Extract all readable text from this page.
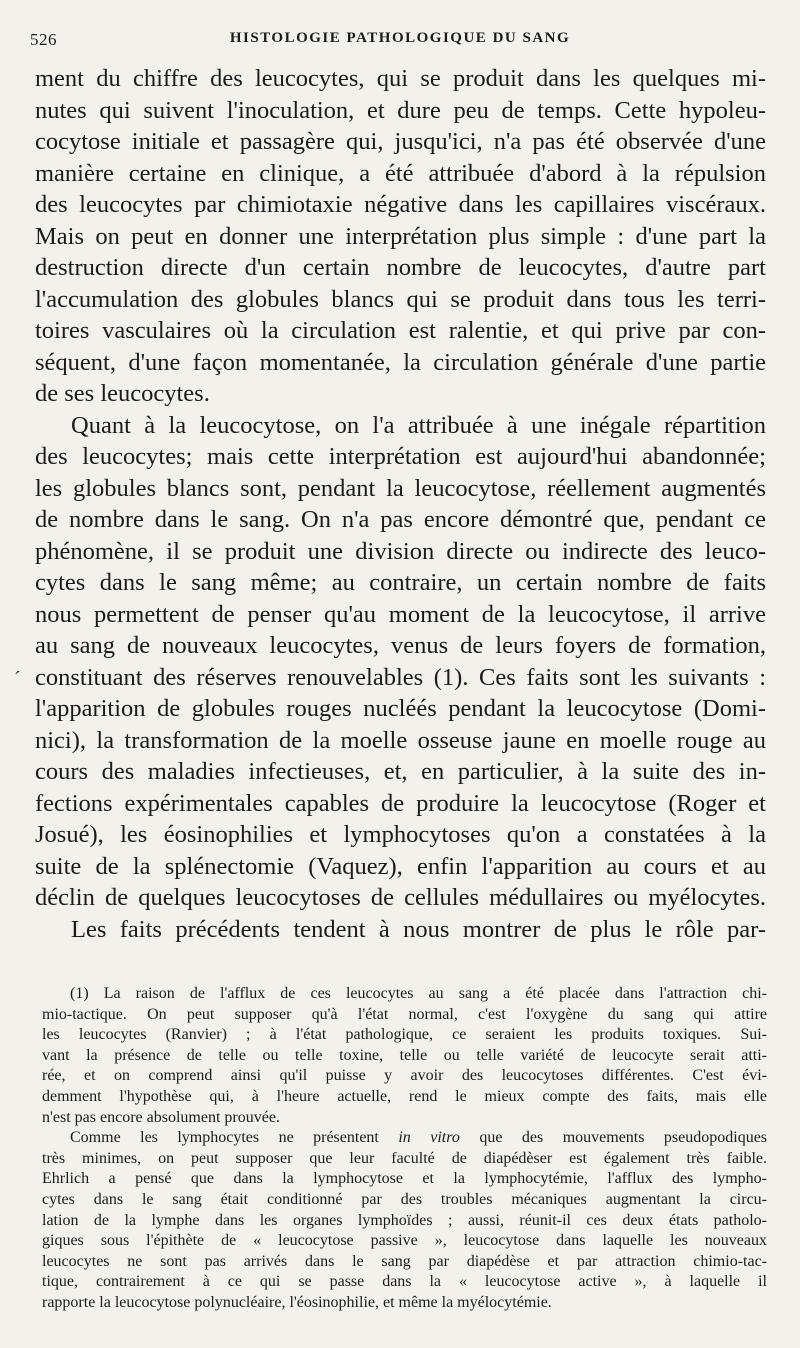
526	HISTOLOGIE PATHOLOGIQUE DU SANG
´
ment du chiffre des leucocytes, qui se produit dans les quelques mi-
nutes qui suivent l'inoculation, et dure peu de temps. Cette hypoleu-
cocytose initiale et passagère qui, jusqu'ici, n'a pas été observée d'une
manière certaine en clinique, a été attribuée d'abord à la répulsion
des leucocytes par chimiotaxie négative dans les capillaires viscéraux.
Mais on peut en donner une interprétation plus simple : d'une part la
destruction directe d'un certain nombre de leucocytes, d'autre part
l'accumulation des globules blancs qui se produit dans tous les terri-
toires vasculaires où la circulation est ralentie, et qui prive par con-
séquent, d'une façon momentanée, la circulation générale d'une partie
de ses leucocytes.
Quant à la leucocytose, on l'a attribuée à une inégale répartition
des leucocytes; mais cette interprétation est aujourd'hui abandonnée;
les globules blancs sont, pendant la leucocytose, réellement augmentés
de nombre dans le sang. On n'a pas encore démontré que, pendant ce
phénomène, il se produit une division directe ou indirecte des leuco-
cytes dans le sang même; au contraire, un certain nombre de faits
nous permettent de penser qu'au moment de la leucocytose, il arrive
au sang de nouveaux leucocytes, venus de leurs foyers de formation,
constituant des réserves renouvelables (1). Ces faits sont les suivants :
l'apparition de globules rouges nucléés pendant la leucocytose (Domi-
nici), la transformation de la moelle osseuse jaune en moelle rouge au
cours des maladies infectieuses, et, en particulier, à la suite des in-
fections expérimentales capables de produire la leucocytose (Roger et
Josué), les éosinophilies et lymphocytoses qu'on a constatées à la
suite de la splénectomie (Vaquez), enfin l'apparition au cours et au
déclin de quelques leucocytoses de cellules médullaires ou myélocytes.
Les faits précédents tendent à nous montrer de plus le rôle par-
(1) La raison de l'afflux de ces leucocytes au sang a été placée dans l'attraction chi-
mio-tactique. On peut supposer qu'à l'état normal, c'est l'oxygène du sang qui attire
les leucocytes (Ranvier) ; à l'état pathologique, ce seraient les produits toxiques. Sui-
vant la présence de telle ou telle toxine, telle ou telle variété de leucocyte serait atti-
rée, et on comprend ainsi qu'il puisse y avoir des leucocytoses différentes. C'est évi-
demment l'hypothèse qui, à l'heure actuelle, rend le mieux compte des faits, mais elle
n'est pas encore absolument prouvée.
Comme les lymphocytes ne présentent in vitro que des mouvements pseudopodiques
très minimes, on peut supposer que leur faculté de diapédèser est également très faible.
Ehrlich a pensé que dans la lymphocytose et la lymphocytémie, l'afflux des lympho-
cytes dans le sang était conditionné par des troubles mécaniques augmentant la circu-
lation de la lymphe dans les organes lymphoïdes ; aussi, réunit-il ces deux états patholo-
giques sous l'épithète de « leucocytose passive », leucocytose dans laquelle les nouveaux
leucocytes ne sont pas arrivés dans le sang par diapédèse et par attraction chimio-tac-
tique, contrairement à ce qui se passe dans la « leucocytose active », à laquelle il
rapporte la leucocytose polynucléaire, l'éosinophilie, et même la myélocytémie.
